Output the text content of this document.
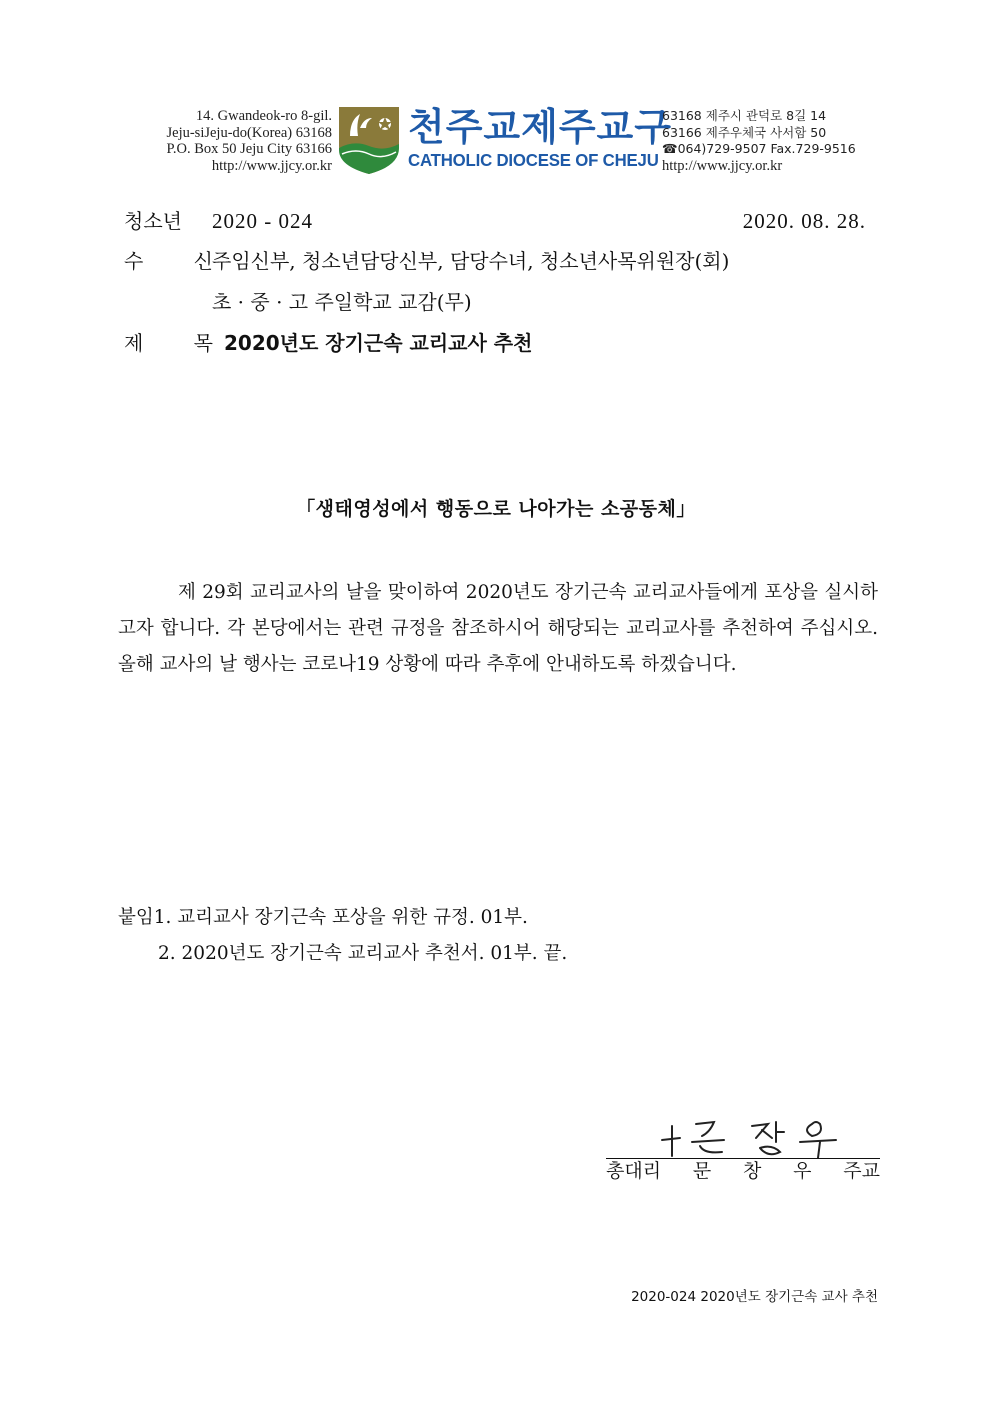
14. Gwandeok-ro 8-gil.
Jeju-siJeju-do(Korea) 63168
P.O. Box 50 Jeju City 63166
http://www.jjcy.or.kr
천주교제주교구
CATHOLIC DIOCESE OF CHEJU
63168 제주시 관덕로 8길 14
63166 제주우체국 사서함 50
☎064)729-9507 Fax.729-9516
http://www.jjcy.or.kr
청소년 2020 - 024	2020. 08. 28.
수 신
주임신부, 청소년담당신부, 담당수녀, 청소년사목위원장(회)
초 · 중 · 고 주일학교 교감(무)
제 목
2020년도 장기근속 교리교사 추천
「생태영성에서 행동으로 나아가는 소공동체」

제 29회 교리교사의 날을 맞이하여 2020년도 장기근속 교리교사들에게 포상을 실시하고자 합니다. 각 본당에서는 관련 규정을 참조하시어 해당되는 교리교사를 추천하여 주십시오. 올해 교사의 날 행사는 코로나19 상황에 따라 추후에 안내하도록 하겠습니다.

붙임1. 교리교사 장기근속 포상을 위한 규정. 01부.
2. 2020년도 장기근속 교리교사 추천서. 01부. 끝.
총대리 문 창 우 주교
2020-024 2020년도 장기근속 교사 추천
